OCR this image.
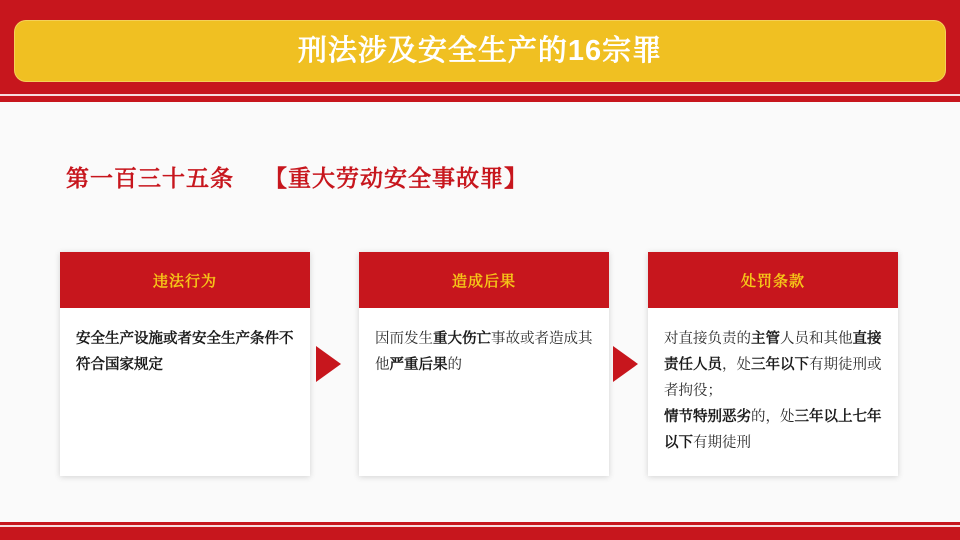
刑法涉及安全生产的16宗罪
第一百三十五条 【重大劳动安全事故罪】
违法行为
安全生产设施或者安全生产条件不符合国家规定
造成后果
因而发生重大伤亡事故或者造成其他严重后果的
处罚条款
对直接负责的主管人员和其他直接责任人员，处三年以下有期徒刑或者拘役；
情节特别恶劣的，处三年以上七年以下有期徒刑
